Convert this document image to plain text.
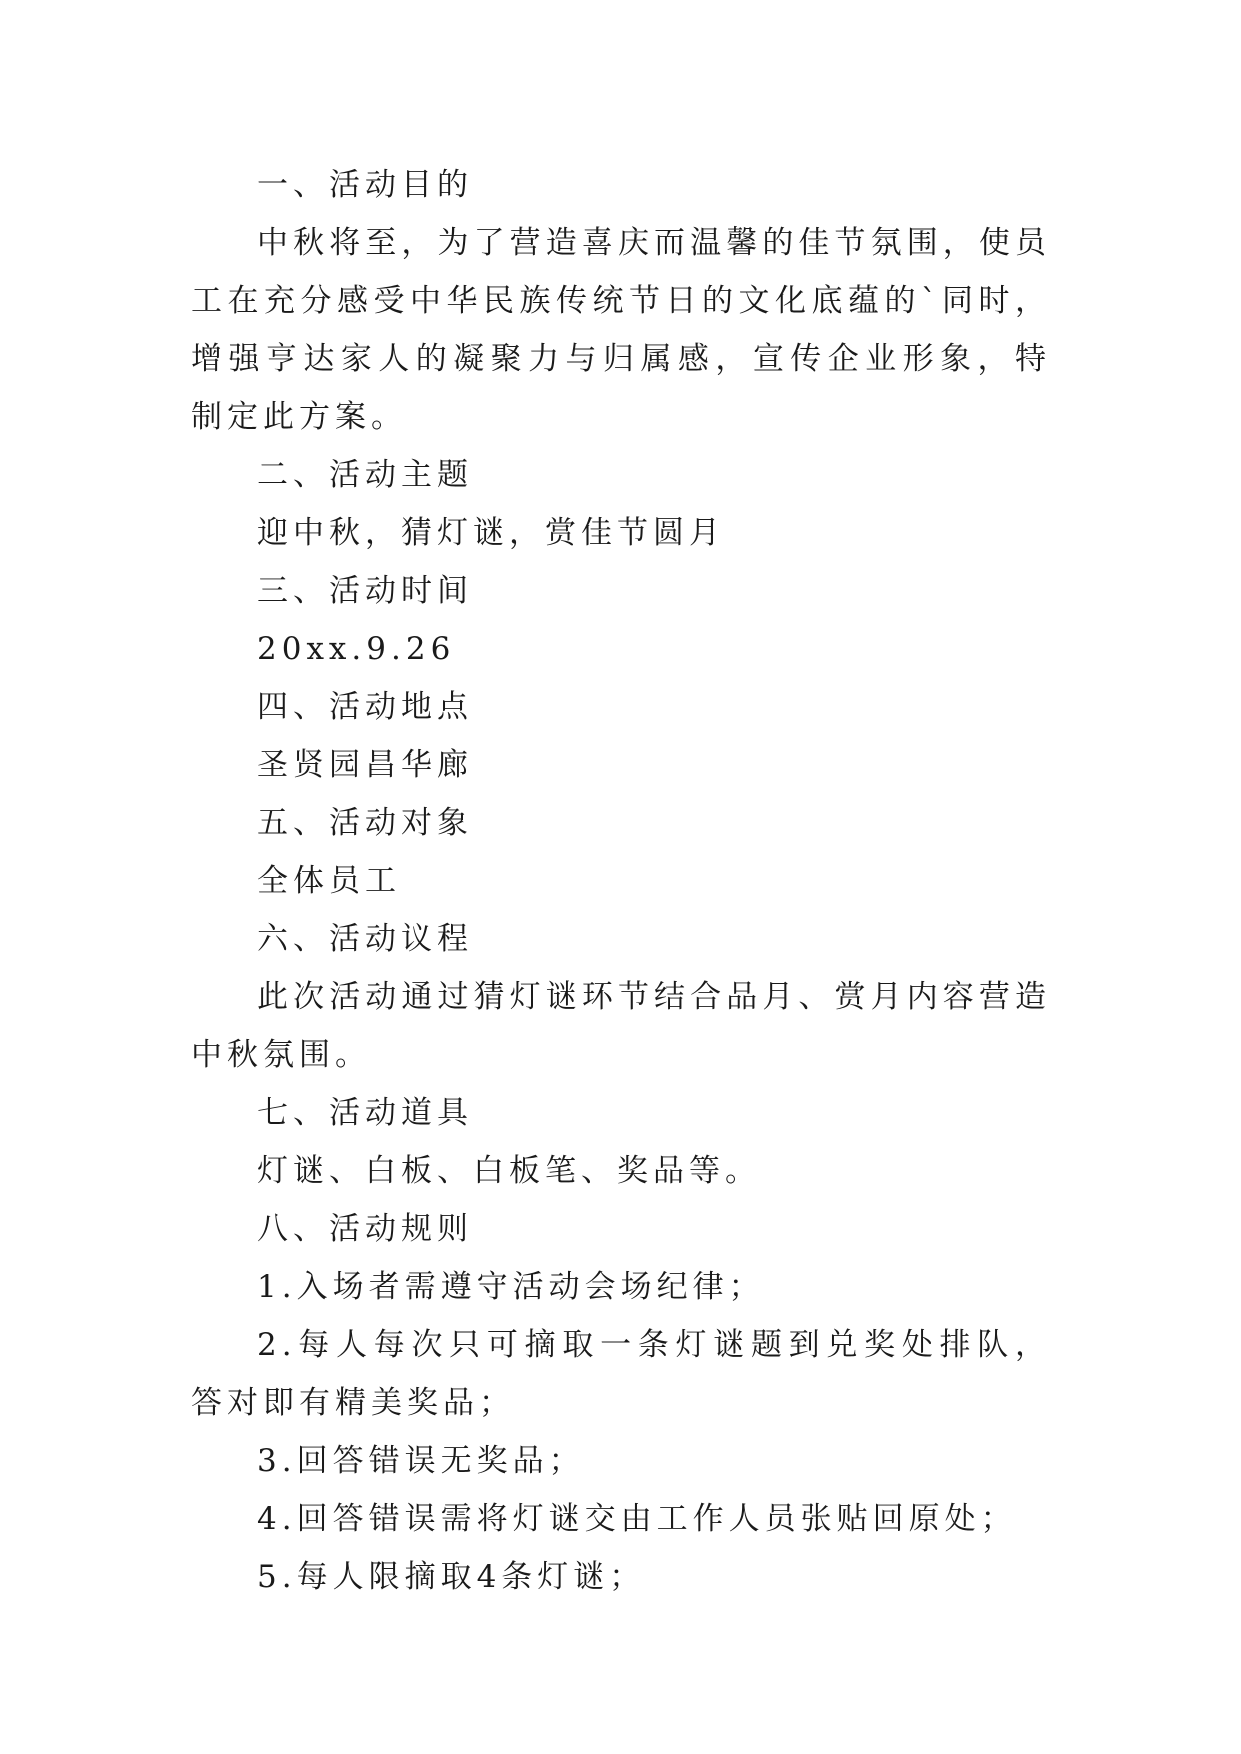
一、活动目的

中秋将至，为了营造喜庆而温馨的佳节氛围，使员工在充分感受中华民族传统节日的文化底蕴的`同时，增强亨达家人的凝聚力与归属感，宣传企业形象，特制定此方案。

二、活动主题

迎中秋，猜灯谜，赏佳节圆月

三、活动时间

20xx.9.26

四、活动地点

圣贤园昌华廊

五、活动对象

全体员工

六、活动议程

此次活动通过猜灯谜环节结合品月、赏月内容营造中秋氛围。

七、活动道具

灯谜、白板、白板笔、奖品等。

八、活动规则

1.入场者需遵守活动会场纪律；

2.每人每次只可摘取一条灯谜题到兑奖处排队，答对即有精美奖品；

3.回答错误无奖品；

4.回答错误需将灯谜交由工作人员张贴回原处；

5.每人限摘取4条灯谜；
